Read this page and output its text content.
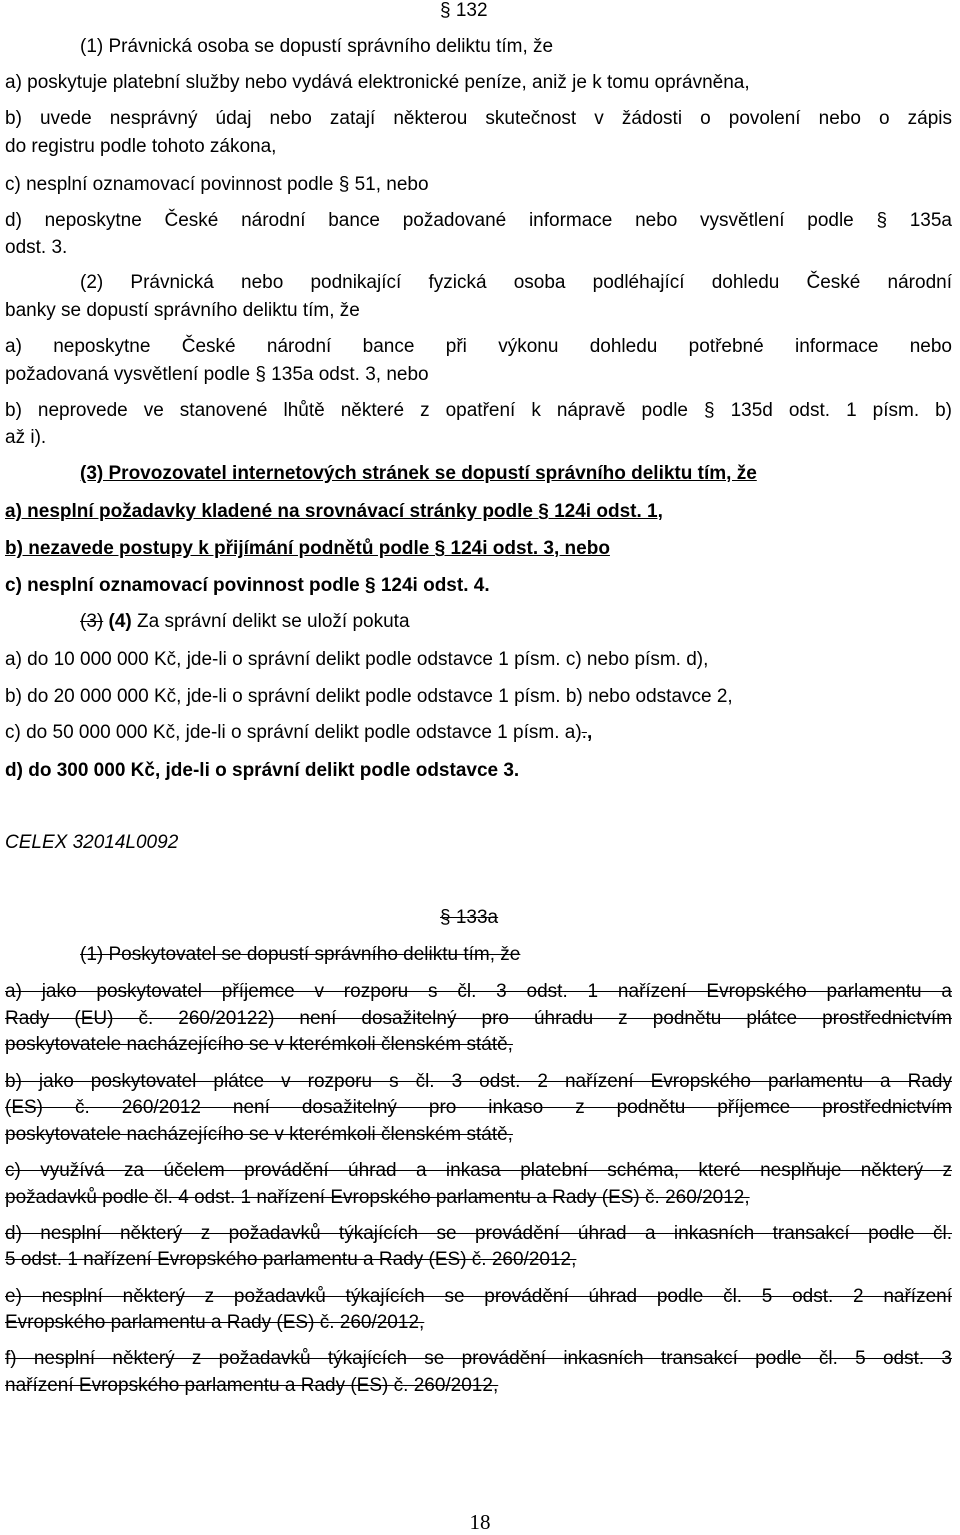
§ 132
(1) Právnická osoba se dopustí správního deliktu tím, že
a) poskytuje platební služby nebo vydává elektronické peníze, aniž je k tomu oprávněna,
b) uvede nesprávný údaj nebo zatají některou skutečnost v žádosti o povolení nebo o zápis
do registru podle tohoto zákona,
c) nesplní oznamovací povinnost podle § 51, nebo
d) neposkytne České národní bance požadované informace nebo vysvětlení podle § 135a
odst. 3.
(2) Právnická nebo podnikající fyzická osoba podléhající dohledu České národní
banky se dopustí správního deliktu tím, že
a) neposkytne České národní bance při výkonu dohledu potřebné informace nebo
požadovaná vysvětlení podle § 135a odst. 3, nebo
b) neprovede ve stanovené lhůtě některé z opatření k nápravě podle § 135d odst. 1 písm. b)
až i).
(3) Provozovatel internetových stránek se dopustí správního deliktu tím, že
a) nesplní požadavky kladené na srovnávací stránky podle § 124i odst. 1,
b) nezavede postupy k přijímání podnětů podle § 124i odst. 3, nebo
c) nesplní oznamovací povinnost podle § 124i odst. 4.
(3) (4) Za správní delikt se uloží pokuta
a) do 10 000 000 Kč, jde-li o správní delikt podle odstavce 1 písm. c) nebo písm. d),
b) do 20 000 000 Kč, jde-li o správní delikt podle odstavce 1 písm. b) nebo odstavce 2,
c) do 50 000 000 Kč, jde-li o správní delikt podle odstavce 1 písm. a).,
d) do 300 000 Kč, jde-li o správní delikt podle odstavce 3.
CELEX 32014L0092
§ 133a
(1) Poskytovatel se dopustí správního deliktu tím, že
a) jako poskytovatel příjemce v rozporu s čl. 3 odst. 1 nařízení Evropského parlamentu a
Rady (EU) č. 260/20122) není dosažitelný pro úhradu z podnětu plátce prostřednictvím
poskytovatele nacházejícího se v kterémkoli členském státě,
b) jako poskytovatel plátce v rozporu s čl. 3 odst. 2 nařízení Evropského parlamentu a Rady
(ES) č. 260/2012 není dosažitelný pro inkaso z podnětu příjemce prostřednictvím
poskytovatele nacházejícího se v kterémkoli členském státě,
c) využívá za účelem provádění úhrad a inkasa platební schéma, které nesplňuje některý z
požadavků podle čl. 4 odst. 1 nařízení Evropského parlamentu a Rady (ES) č. 260/2012,
d) nesplní některý z požadavků týkajících se provádění úhrad a inkasních transakcí podle čl.
5 odst. 1 nařízení Evropského parlamentu a Rady (ES) č. 260/2012,
e) nesplní některý z požadavků týkajících se provádění úhrad podle čl. 5 odst. 2 nařízení
Evropského parlamentu a Rady (ES) č. 260/2012,
f) nesplní některý z požadavků týkajících se provádění inkasních transakcí podle čl. 5 odst. 3
nařízení Evropského parlamentu a Rady (ES) č. 260/2012,
18
